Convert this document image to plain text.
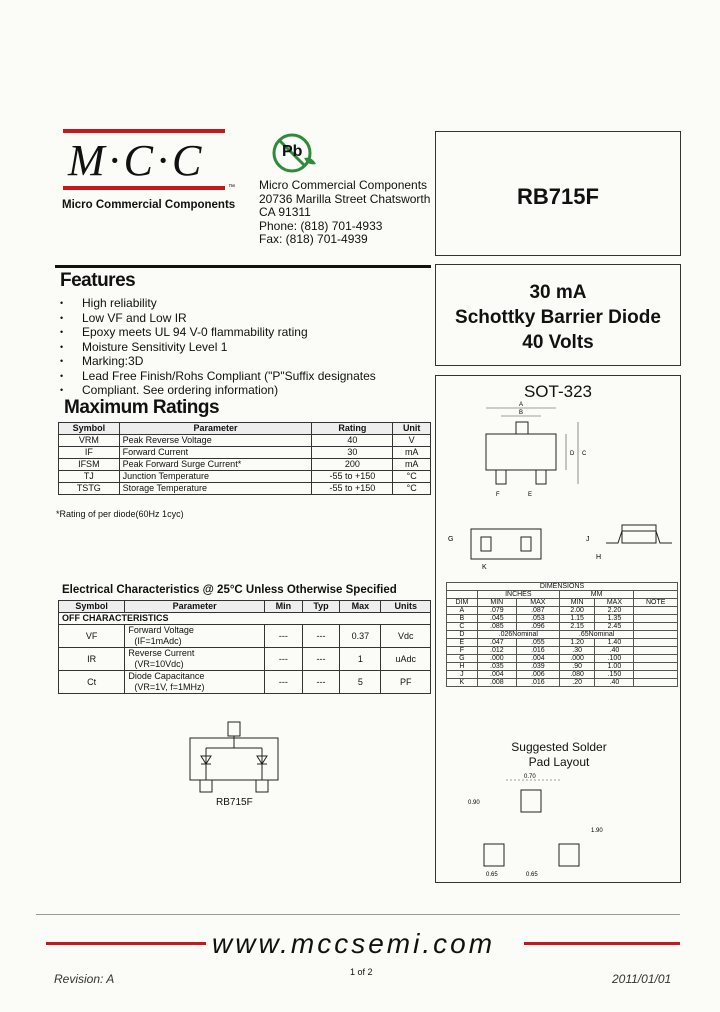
M·C·C
™
Micro Commercial Components
Pb
Micro Commercial Components
20736 Marilla Street Chatsworth
CA 91311
Phone: (818) 701-4933
Fax: (818) 701-4939
RB715F
30 mA
Schottky Barrier Diode
40 Volts
SOT-323
A
B
D C
F	E
G
K
J
H
DIMENSIONS					
	INCHES		MM		
DIM	MIN	MAX	MIN	MAX	NOTE
A	.079	.087	2.00	2.20	
B	.045	.053	1.15	1.35	
C	.085	.096	2.15	2.45	
D	.026Nominal		.65Nominal		
E	.047	.055	1.20	1.40	
F	.012	.016	.30	.40	
G	.000	.004	.000	.100	
H	.035	.039	.90	1.00	
J	.004	.006	.080	.150	
K	.008	.016	.20	.40	
Suggested Solder
Pad Layout
0.70
0.90
1.90
0.65	0.65
Features
• High reliability
• Low VF and Low IR
• Epoxy meets UL 94 V-0 flammability rating
• Moisture Sensitivity Level 1
• Marking:3D
• Lead Free Finish/Rohs Compliant ("P"Suffix designates
• Compliant. See ordering information)
Maximum Ratings
Symbol	Parameter	Rating	Unit
VRM	Peak Reverse Voltage	40	V
IF	Forward Current	30	mA
IFSM	Peak Forward Surge Current*	200	mA
TJ	Junction Temperature	-55 to +150	°C
TSTG	Storage Temperature	-55 to +150	°C
*Rating of per diode(60Hz 1cyc)
Electrical Characteristics @ 25°C Unless Otherwise Specified
Symbol	Parameter	Min	Typ	Max	Units
OFF CHARACTERISTICS					
VF	Forward Voltage
(IF=1mAdc)	---	---	0.37	Vdc
IR	Reverse Current
(VR=10Vdc)	---	---	1	uAdc
Ct	Diode Capacitance
(VR=1V, f=1MHz)	---	---	5	PF
RB715F
www.mccsemi.com
Revision: A	1 of 2	2011/01/01
